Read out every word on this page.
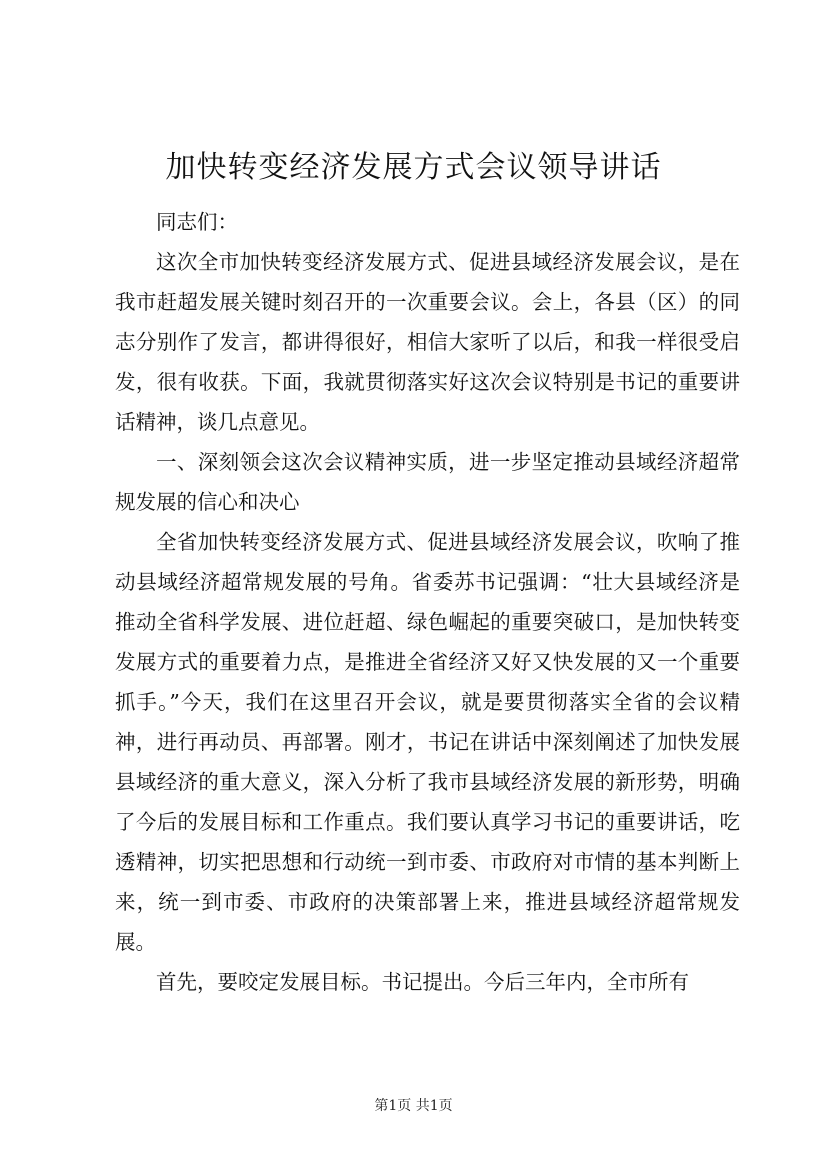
加快转变经济发展方式会议领导讲话

同志们：

这次全市加快转变经济发展方式、促进县域经济发展会议，是在我市赶超发展关键时刻召开的一次重要会议。会上，各县（区）的同志分别作了发言，都讲得很好，相信大家听了以后，和我一样很受启发，很有收获。下面，我就贯彻落实好这次会议特别是书记的重要讲话精神，谈几点意见。

一、深刻领会这次会议精神实质，进一步坚定推动县域经济超常规发展的信心和决心

全省加快转变经济发展方式、促进县域经济发展会议，吹响了推动县域经济超常规发展的号角。省委苏书记强调：“壮大县域经济是推动全省科学发展、进位赶超、绿色崛起的重要突破口，是加快转变发展方式的重要着力点，是推进全省经济又好又快发展的又一个重要抓手。”今天，我们在这里召开会议，就是要贯彻落实全省的会议精神，进行再动员、再部署。刚才，书记在讲话中深刻阐述了加快发展县域经济的重大意义，深入分析了我市县域经济发展的新形势，明确了今后的发展目标和工作重点。我们要认真学习书记的重要讲话，吃透精神，切实把思想和行动统一到市委、市政府对市情的基本判断上来，统一到市委、市政府的决策部署上来，推进县域经济超常规发展。

首先，要咬定发展目标。书记提出。今后三年内，全市所有

第1页 共1页
